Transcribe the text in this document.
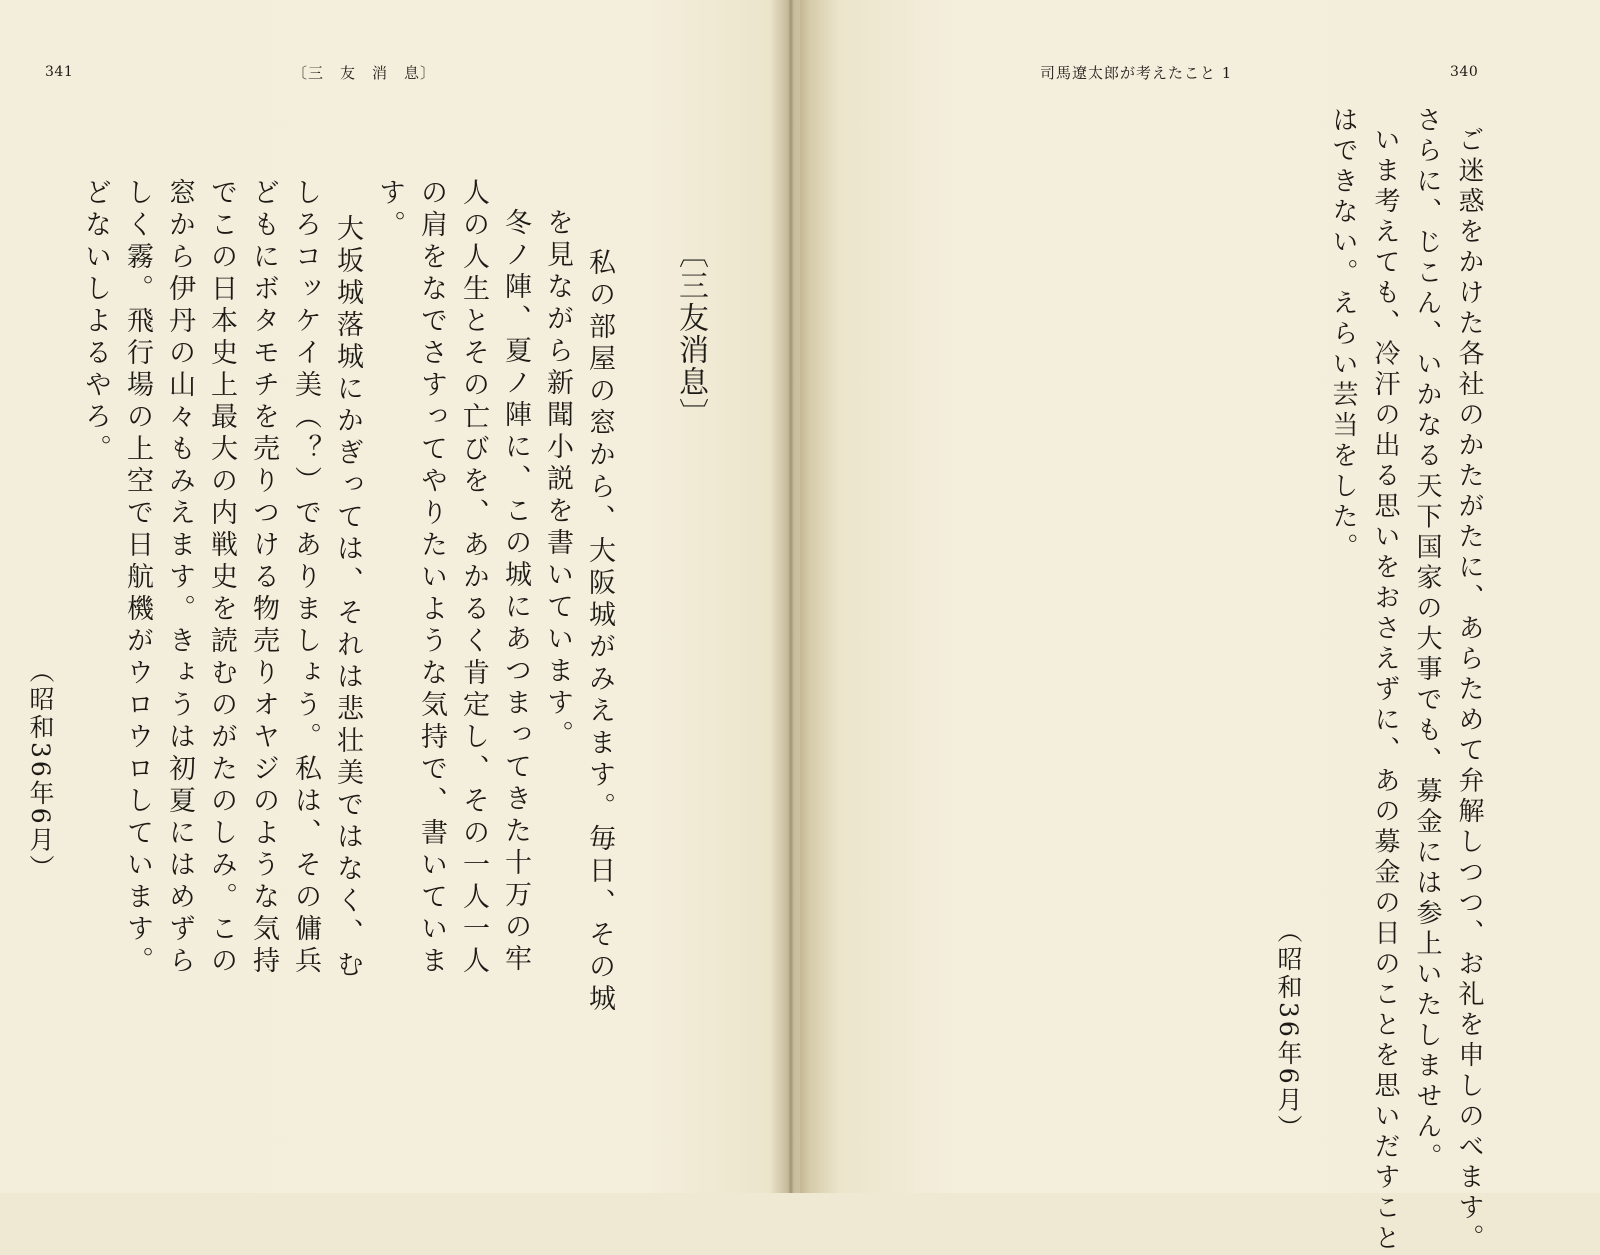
341	〔三　友　消　息〕
私の部屋の窓から、大阪城がみえます。毎日、その城
を見ながら新聞小説を書いています。
冬ノ陣、夏ノ陣に、この城にあつまってきた十万の牢
人の人生とその亡びを、あかるく肯定し、その一人一人
の肩をなでさすってやりたいような気持で、書いていま
す。
大坂城落城にかぎっては、それは悲壮美ではなく、む
しろコッケイ美（？）でありましょう。私は、その傭兵
どもにボタモチを売りつける物売りオヤジのような気持
でこの日本史上最大の内戦史を読むのがたのしみ。この
窓から伊丹の山々もみえます。きょうは初夏にはめずら
しく霧。飛行場の上空で日航機がウロウロしています。
どないしよるやろ。
（昭和36年6月）
〔三友消息〕
司馬遼太郎が考えたこと 1	340
ご迷惑をかけた各社のかたがたに、あらためて弁解しつつ、お礼を申しのべます。
さらに、じこん、いかなる天下国家の大事でも、募金には参上いたしません。
いま考えても、冷汗の出る思いをおさえずに、あの募金の日のことを思いだすこと
はできない。えらい芸当をした。
（昭和36年6月）
